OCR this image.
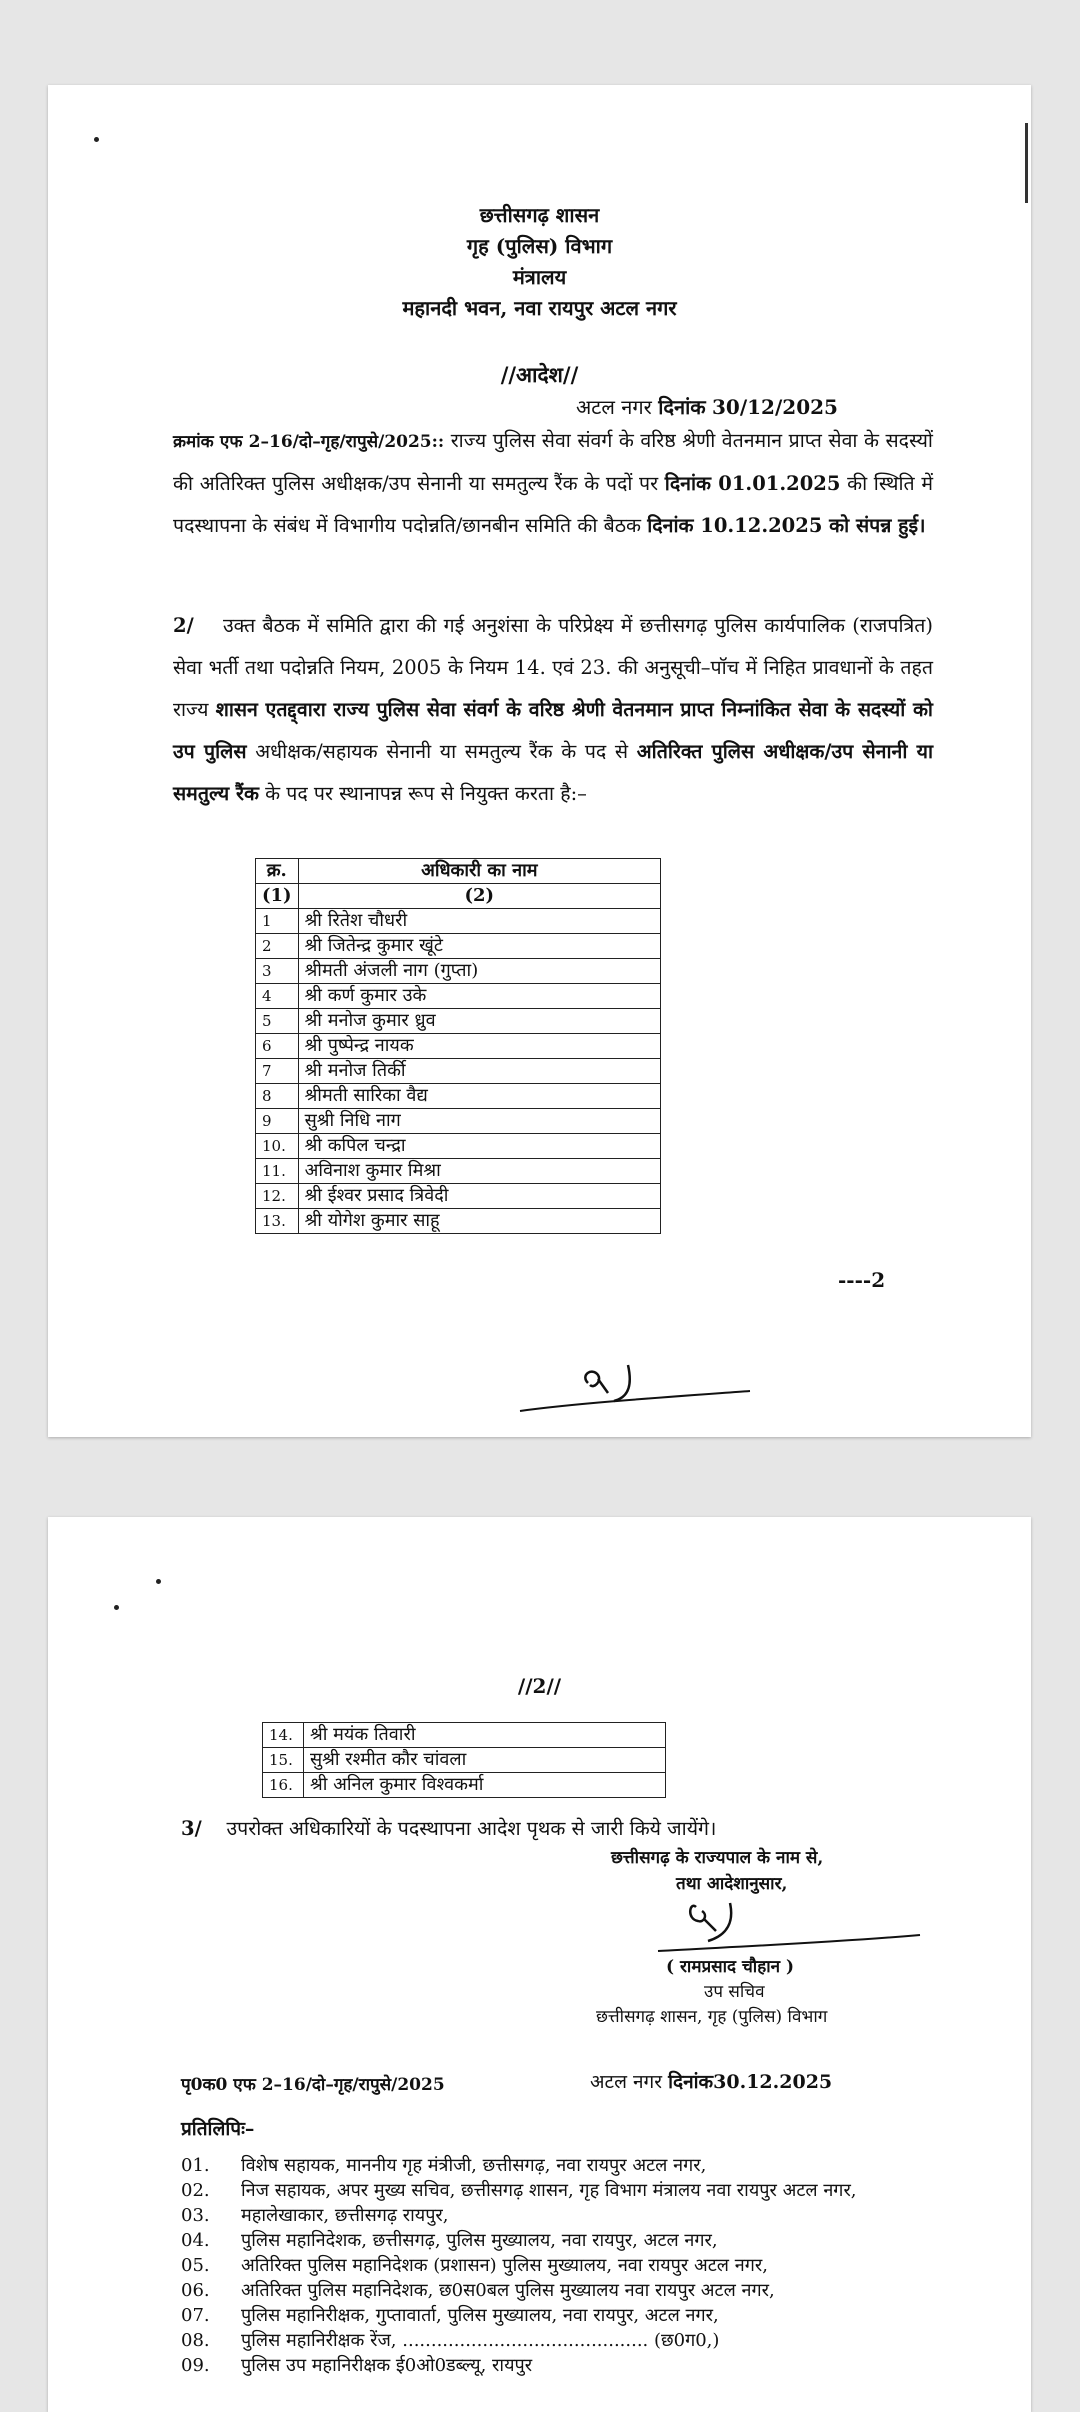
छत्तीसगढ़ शासन
गृह (पुलिस) विभाग
मंत्रालय
महानदी भवन, नवा रायपुर अटल नगर
//आदेश//
अटल नगर दिनांक 30/12/2025
क्रमांक एफ 2–16/दो–गृह/रापुसे/2025:: राज्य पुलिस सेवा संवर्ग के वरिष्ठ श्रेणी वेतनमान प्राप्त सेवा के सदस्यों की अतिरिक्त पुलिस अधीक्षक/उप सेनानी या समतुल्य रैंक के पदों पर दिनांक 01.01.2025 की स्थिति में पदस्थापना के संबंध में विभागीय पदोन्नति/छानबीन समिति की बैठक दिनांक 10.12.2025 को संपन्न हुई।
2/ उक्त बैठक में समिति द्वारा की गई अनुशंसा के परिप्रेक्ष्य में छत्तीसगढ़ पुलिस कार्यपालिक (राजपत्रित) सेवा भर्ती तथा पदोन्नति नियम, 2005 के नियम 14. एवं 23. की अनुसूची–पॉच में निहित प्रावधानों के तहत राज्य शासन एतद्द्वारा राज्य पुलिस सेवा संवर्ग के वरिष्ठ श्रेणी वेतनमान प्राप्त निम्नांकित सेवा के सदस्यों को उप पुलिस अधीक्षक/सहायक सेनानी या समतुल्य रैंक के पद से अतिरिक्त पुलिस अधीक्षक/उप सेनानी या समतुल्य रैंक के पद पर स्थानापन्न रूप से नियुक्त करता है:–
क्र.	अधिकारी का नाम
(1)	(2)
1	श्री रितेश चौधरी
2	श्री जितेन्द्र कुमार खूंटे
3	श्रीमती अंजली नाग (गुप्ता)
4	श्री कर्ण कुमार उके
5	श्री मनोज कुमार ध्रुव
6	श्री पुष्पेन्द्र नायक
7	श्री मनोज तिर्की
8	श्रीमती सारिका वैद्य
9	सुश्री निधि नाग
10.	श्री कपिल चन्द्रा
11.	अविनाश कुमार मिश्रा
12.	श्री ईश्वर प्रसाद त्रिवेदी
13.	श्री योगेश कुमार साहू
----2
//2//
14.	श्री मयंक तिवारी
15.	सुश्री रश्मीत कौर चांवला
16.	श्री अनिल कुमार विश्वकर्मा
3/ उपरोक्त अधिकारियों के पदस्थापना आदेश पृथक से जारी किये जायेंगे।
छत्तीसगढ़ के राज्यपाल के नाम से,
तथा आदेशानुसार,
( रामप्रसाद चौहान )
उप सचिव
छत्तीसगढ़ शासन, गृह (पुलिस) विभाग
पृ0क0 एफ 2–16/दो–गृह/रापुसे/2025	अटल नगर दिनांक30.12.2025
प्रतिलिपिः–
01.	विशेष सहायक, माननीय गृह मंत्रीजी, छत्तीसगढ़, नवा रायपुर अटल नगर,
02.	निज सहायक, अपर मुख्य सचिव, छत्तीसगढ़ शासन, गृह विभाग मंत्रालय नवा रायपुर अटल नगर,
03.	महालेखाकार, छत्तीसगढ़ रायपुर,
04.	पुलिस महानिदेशक, छत्तीसगढ़, पुलिस मुख्यालय, नवा रायपुर, अटल नगर,
05.	अतिरिक्त पुलिस महानिदेशक (प्रशासन) पुलिस मुख्यालय, नवा रायपुर अटल नगर,
06.	अतिरिक्त पुलिस महानिदेशक, छ0स0बल पुलिस मुख्यालय नवा रायपुर अटल नगर,
07.	पुलिस महानिरीक्षक, गुप्तावार्ता, पुलिस मुख्यालय, नवा रायपुर, अटल नगर,
08.	पुलिस महानिरीक्षक रेंज, ........................................... (छ0ग0,)
09.	पुलिस उप महानिरीक्षक ई0ओ0डब्ल्यू, रायपुर
